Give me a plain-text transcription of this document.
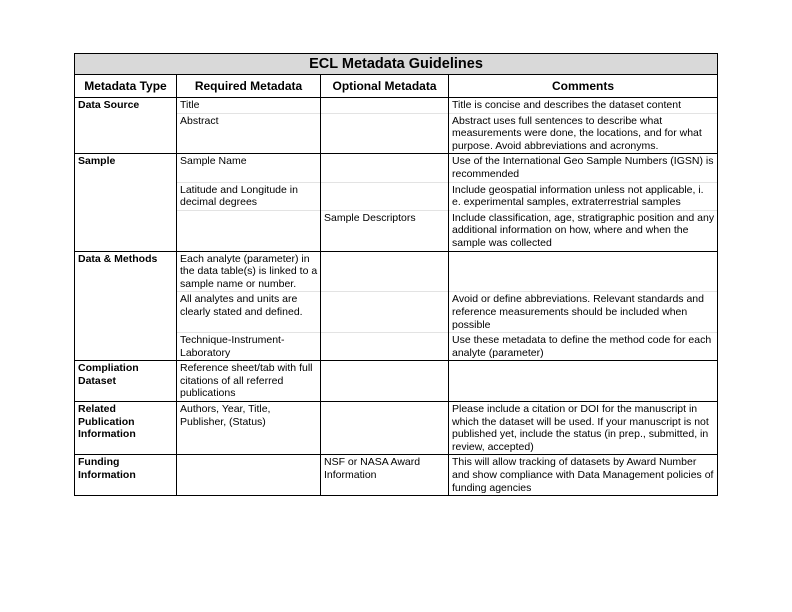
ECL Metadata Guidelines			
Metadata Type	Required Metadata	Optional Metadata	Comments
Data Source	Title		Title is concise and describes the dataset content
	Abstract		Abstract uses full sentences to describe what measurements were done, the locations, and for what purpose. Avoid abbreviations and acronyms.
Sample	Sample Name		Use of the International Geo Sample Numbers (IGSN) is recommended
	Latitude and Longitude in decimal degrees		Include geospatial information unless not applicable, i. e. experimental samples, extraterrestrial samples
		Sample Descriptors	Include classification, age, stratigraphic position and any additional information on how, where and when the sample was collected
Data & Methods	Each analyte (parameter) in the data table(s) is linked to a sample name or number.		
	All analytes and units are clearly stated and defined.		Avoid or define abbreviations. Relevant standards and reference measurements should be included when possible
	Technique-Instrument-Laboratory		Use these metadata to define the method code for each analyte (parameter)
Compliation Dataset	Reference sheet/tab with full citations of all referred publications		
Related Publication Information	Authors, Year, Title, Publisher, (Status)		Please include a citation or DOI for the manuscript in which the dataset will be used. If your manuscript is not published yet, include the status (in prep., submitted, in review, accepted)
Funding Information		NSF or NASA Award Information	This will allow tracking of datasets by Award Number and show compliance with Data Management policies of funding agencies
